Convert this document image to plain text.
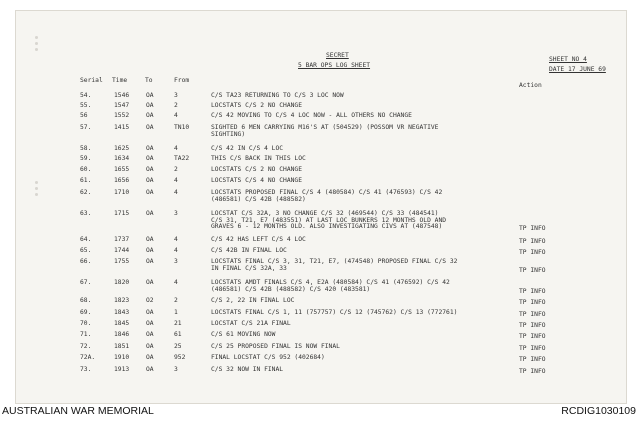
SECRET
5 BAR OPS LOG SHEET
SHEET NO 4
DATE 17 JUNE 69
Serial Time	To	From
Action
54.	1546	OA	3	C/S TA23 RETURNING TO C/S 3 LOC NOW
55.	1547	OA	2	LOCSTATS C/S 2 NO CHANGE
56	1552	OA	4	C/S 42 MOVING TO C/S 4 LOC NOW - ALL OTHERS NO CHANGE
57.	1415	OA	TN10	SIGHTED 6 MEN CARRYING M16'S AT (504529) (POSSOM VR NEGATIVE
SIGHTING)
58.	1625	OA	4	C/S 42 IN C/S 4 LOC
59.	1634	OA	TA22	THIS C/S BACK IN THIS LOC
60.	1655	OA	2	LOCSTATS C/S 2 NO CHANGE
61.	1656	OA	4	LOCSTATS C/S 4 NO CHANGE
62.	1710	OA	4	LOCSTATS PROPOSED FINAL C/S 4 (480584) C/S 41 (476593) C/S 42
(486581) C/S 42B (488582)
63.	1715	OA	3	LOCSTAT C/S 32A, 3 NO CHANGE C/S 32 (469544) C/S 33 (484541)
C/S 31, T21, E7 (483551) AT LAST LOC BUNKERS 12 MONTHS OLD AND
GRAVES 6 - 12 MONTHS OLD. ALSO INVESTIGATING CIVS AT (487548)	TP INFO
64.	1737	OA	4	C/S 42 HAS LEFT C/S 4 LOC	TP INFO
65.	1744	OA	4	C/S 42B IN FINAL LOC	TP INFO
66.	1755	OA	3	LOCSTATS FINAL C/S 3, 31, T21, E7, (474548) PROPOSED FINAL C/S 32
IN FINAL C/S 32A, 33	TP INFO
67.	1820	OA	4	LOCSTATS AMDT FINALS C/S 4, E2A (480584) C/S 41 (476592) C/S 42
(486581) C/S 42B (488582) C/S 420 (483581)	TP INFO
68.	1823	O2	2	C/S 2, 22 IN FINAL LOC	TP INFO
69.	1843	OA	1	LOCSTATS FINAL C/S 1, 11 (757757) C/S 12 (745762) C/S 13 (772761)	TP INFO
70.	1845	OA	21	LOCSTAT C/S 21A FINAL	TP INFO
71.	1846	OA	61	C/S 61 MOVING NOW	TP INFO
72.	1851	OA	25	C/S 25 PROPOSED FINAL IS NOW FINAL	TP INFO
72A.	1910	OA	952	FINAL LOCSTAT C/S 952 (402684)	TP INFO
73.	1913	OA	3	C/S 32 NOW IN FINAL	TP INFO
AUSTRALIAN WAR MEMORIAL	RCDIG1030109
